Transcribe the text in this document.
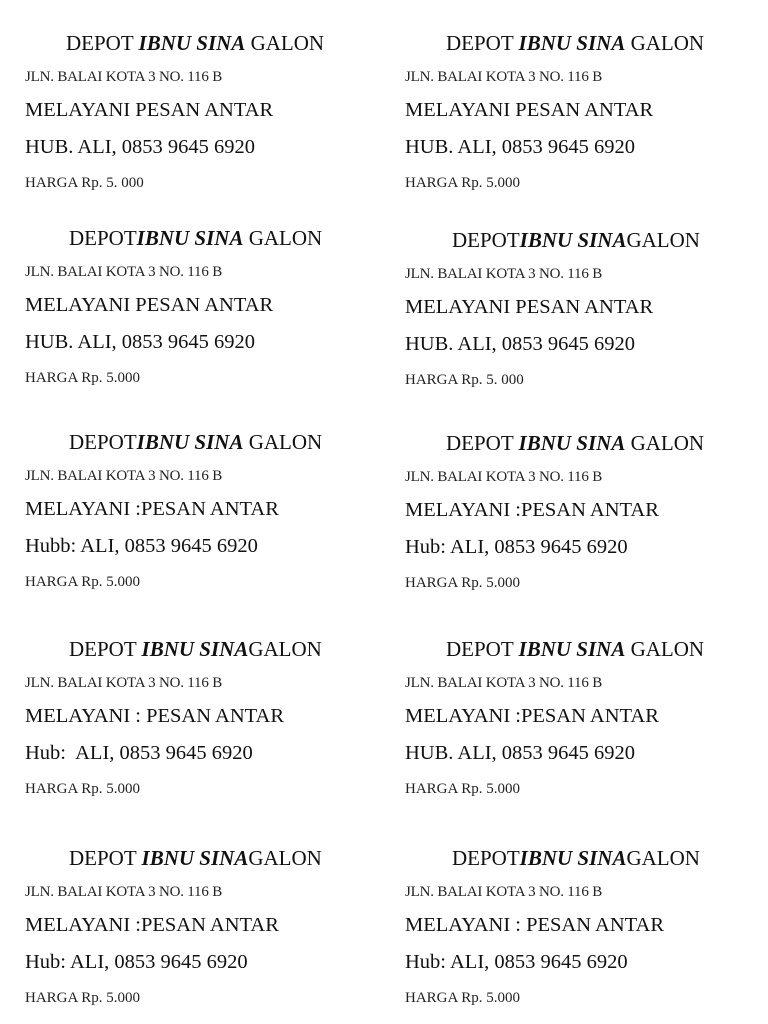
DEPOT IBNU SINA GALON
JLN. BALAI KOTA 3 NO. 116 B
MELAYANI PESAN ANTAR
HUB. ALI, 0853 9645 6920
HARGA Rp. 5. 000
DEPOT IBNU SINA GALON
JLN. BALAI KOTA 3 NO. 116 B
MELAYANI PESAN ANTAR
HUB. ALI, 0853 9645 6920
HARGA Rp. 5.000
DEPOTIBNU SINA GALON
JLN. BALAI KOTA 3 NO. 116 B
MELAYANI PESAN ANTAR
HUB. ALI, 0853 9645 6920
HARGA Rp. 5.000
DEPOTIBNU SINAGALON
JLN. BALAI KOTA 3 NO. 116 B
MELAYANI PESAN ANTAR
HUB. ALI, 0853 9645 6920
HARGA Rp. 5. 000
DEPOTIBNU SINA GALON
JLN. BALAI KOTA 3 NO. 116 B
MELAYANI :PESAN ANTAR
Hubb: ALI, 0853 9645 6920
HARGA Rp. 5.000
DEPOT IBNU SINA GALON
JLN. BALAI KOTA 3 NO. 116 B
MELAYANI :PESAN ANTAR
Hub: ALI, 0853 9645 6920
HARGA Rp. 5.000
DEPOT IBNU SINAGALON
JLN. BALAI KOTA 3 NO. 116 B
MELAYANI : PESAN ANTAR
Hub:  ALI, 0853 9645 6920
HARGA Rp. 5.000
DEPOT IBNU SINA GALON
JLN. BALAI KOTA 3 NO. 116 B
MELAYANI :PESAN ANTAR
HUB. ALI, 0853 9645 6920
HARGA Rp. 5.000
DEPOT IBNU SINAGALON
JLN. BALAI KOTA 3 NO. 116 B
MELAYANI :PESAN ANTAR
Hub: ALI, 0853 9645 6920
HARGA Rp. 5.000
DEPOTIBNU SINAGALON
JLN. BALAI KOTA 3 NO. 116 B
MELAYANI : PESAN ANTAR
Hub: ALI, 0853 9645 6920
HARGA Rp. 5.000
